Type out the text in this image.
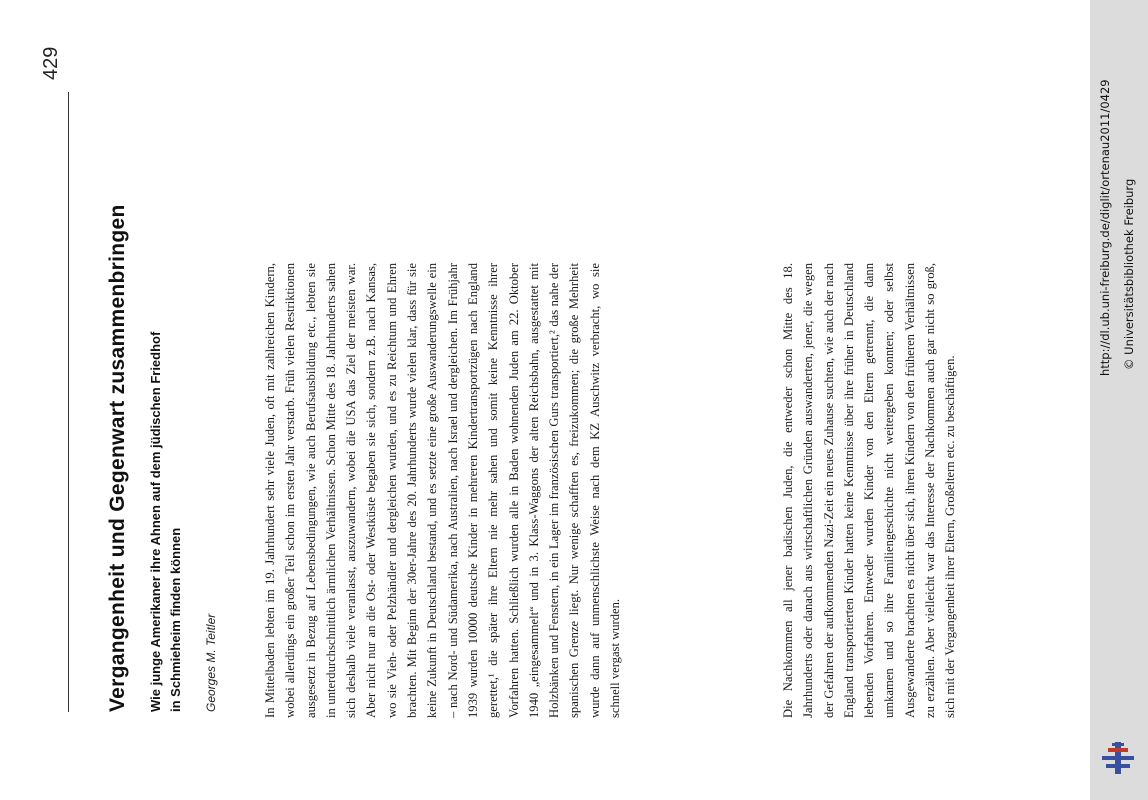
429
Vergangenheit und Gegenwart zusammenbringen Wie junge Amerikaner ihre Ahnen auf dem jüdischen Friedhof in Schmieheim finden können Georges M. Teitler	In Mittelbaden lebten im 19. Jahrhundert sehr viele Juden, oft mit zahlreichen Kindern, wobei allerdings ein großer Teil schon im ersten Jahr verstarb. Früh vielen Restriktionen ausgesetzt in Bezug auf Lebensbedingungen, wie auch Berufsausbildung etc., lebten sie in unterdurchschnittlich ärmlichen Verhältnissen. Schon Mitte des 18. Jahrhunderts sahen sich deshalb viele veranlasst, auszuwandern, wobei die USA das Ziel der meisten war. Aber nicht nur an die Ost- oder Westküste begaben sie sich, sondern z.B. nach Kansas, wo sie Vieh- oder Pelzhändler und dergleichen wurden, und es zu Reichtum und Ehren brachten. Mit Beginn der 30er-Jahre des 20. Jahrhunderts wurde vielen klar, dass für sie keine Zukunft in Deutschland bestand, und es setzte eine große Auswanderungswelle ein – nach Nord- und Südamerika, nach Australien, nach Israel und dergleichen. Im Frühjahr 1939 wurden 10000 deutsche Kinder in mehreren Kindertransportzügen nach England gerettet,¹ die später ihre Eltern nie mehr sahen und somit keine Kenntnisse ihrer Vorfahren hatten. Schließlich wurden alle in Baden wohnenden Juden am 22. Oktober 1940 „eingesammelt“ und in 3. Klass-Waggons der alten Reichsbahn, ausgestattet mit Holzbänken und Fenstern, in ein Lager im französischen Gurs transportiert,² das nahe der spanischen Grenze liegt. Nur wenige schafften es, freizukommen; die große Mehrheit wurde dann auf unmenschlichste Weise nach dem KZ Auschwitz verbracht, wo sie schnell vergast wurden.	Die Nachkommen all jener badischen Juden, die entweder schon Mitte des 18. Jahrhunderts oder danach aus wirtschaftlichen Gründen auswanderten, jener, die wegen der Gefahren der aufkommenden Nazi-Zeit ein neues Zuhause suchten, wie auch der nach England transportierten Kinder hatten keine Kenntnisse über ihre früher in Deutschland lebenden Vorfahren. Entweder wurden Kinder von den Eltern getrennt, die dann umkamen und so ihre Familiengeschichte nicht weitergeben konnten; oder selbst Ausgewanderte brachten es nicht über sich, ihren Kindern von den früheren Verhältnissen zu erzählen. Aber vielleicht war das Interesse der Nachkommen auch gar nicht so groß, sich mit der Vergangenheit ihrer Eltern, Großeltern etc. zu beschäftigen.

http://dl.ub.uni-freiburg.de/diglit/ortenau2011/0429 © Universitätsbibliothek Freiburg
